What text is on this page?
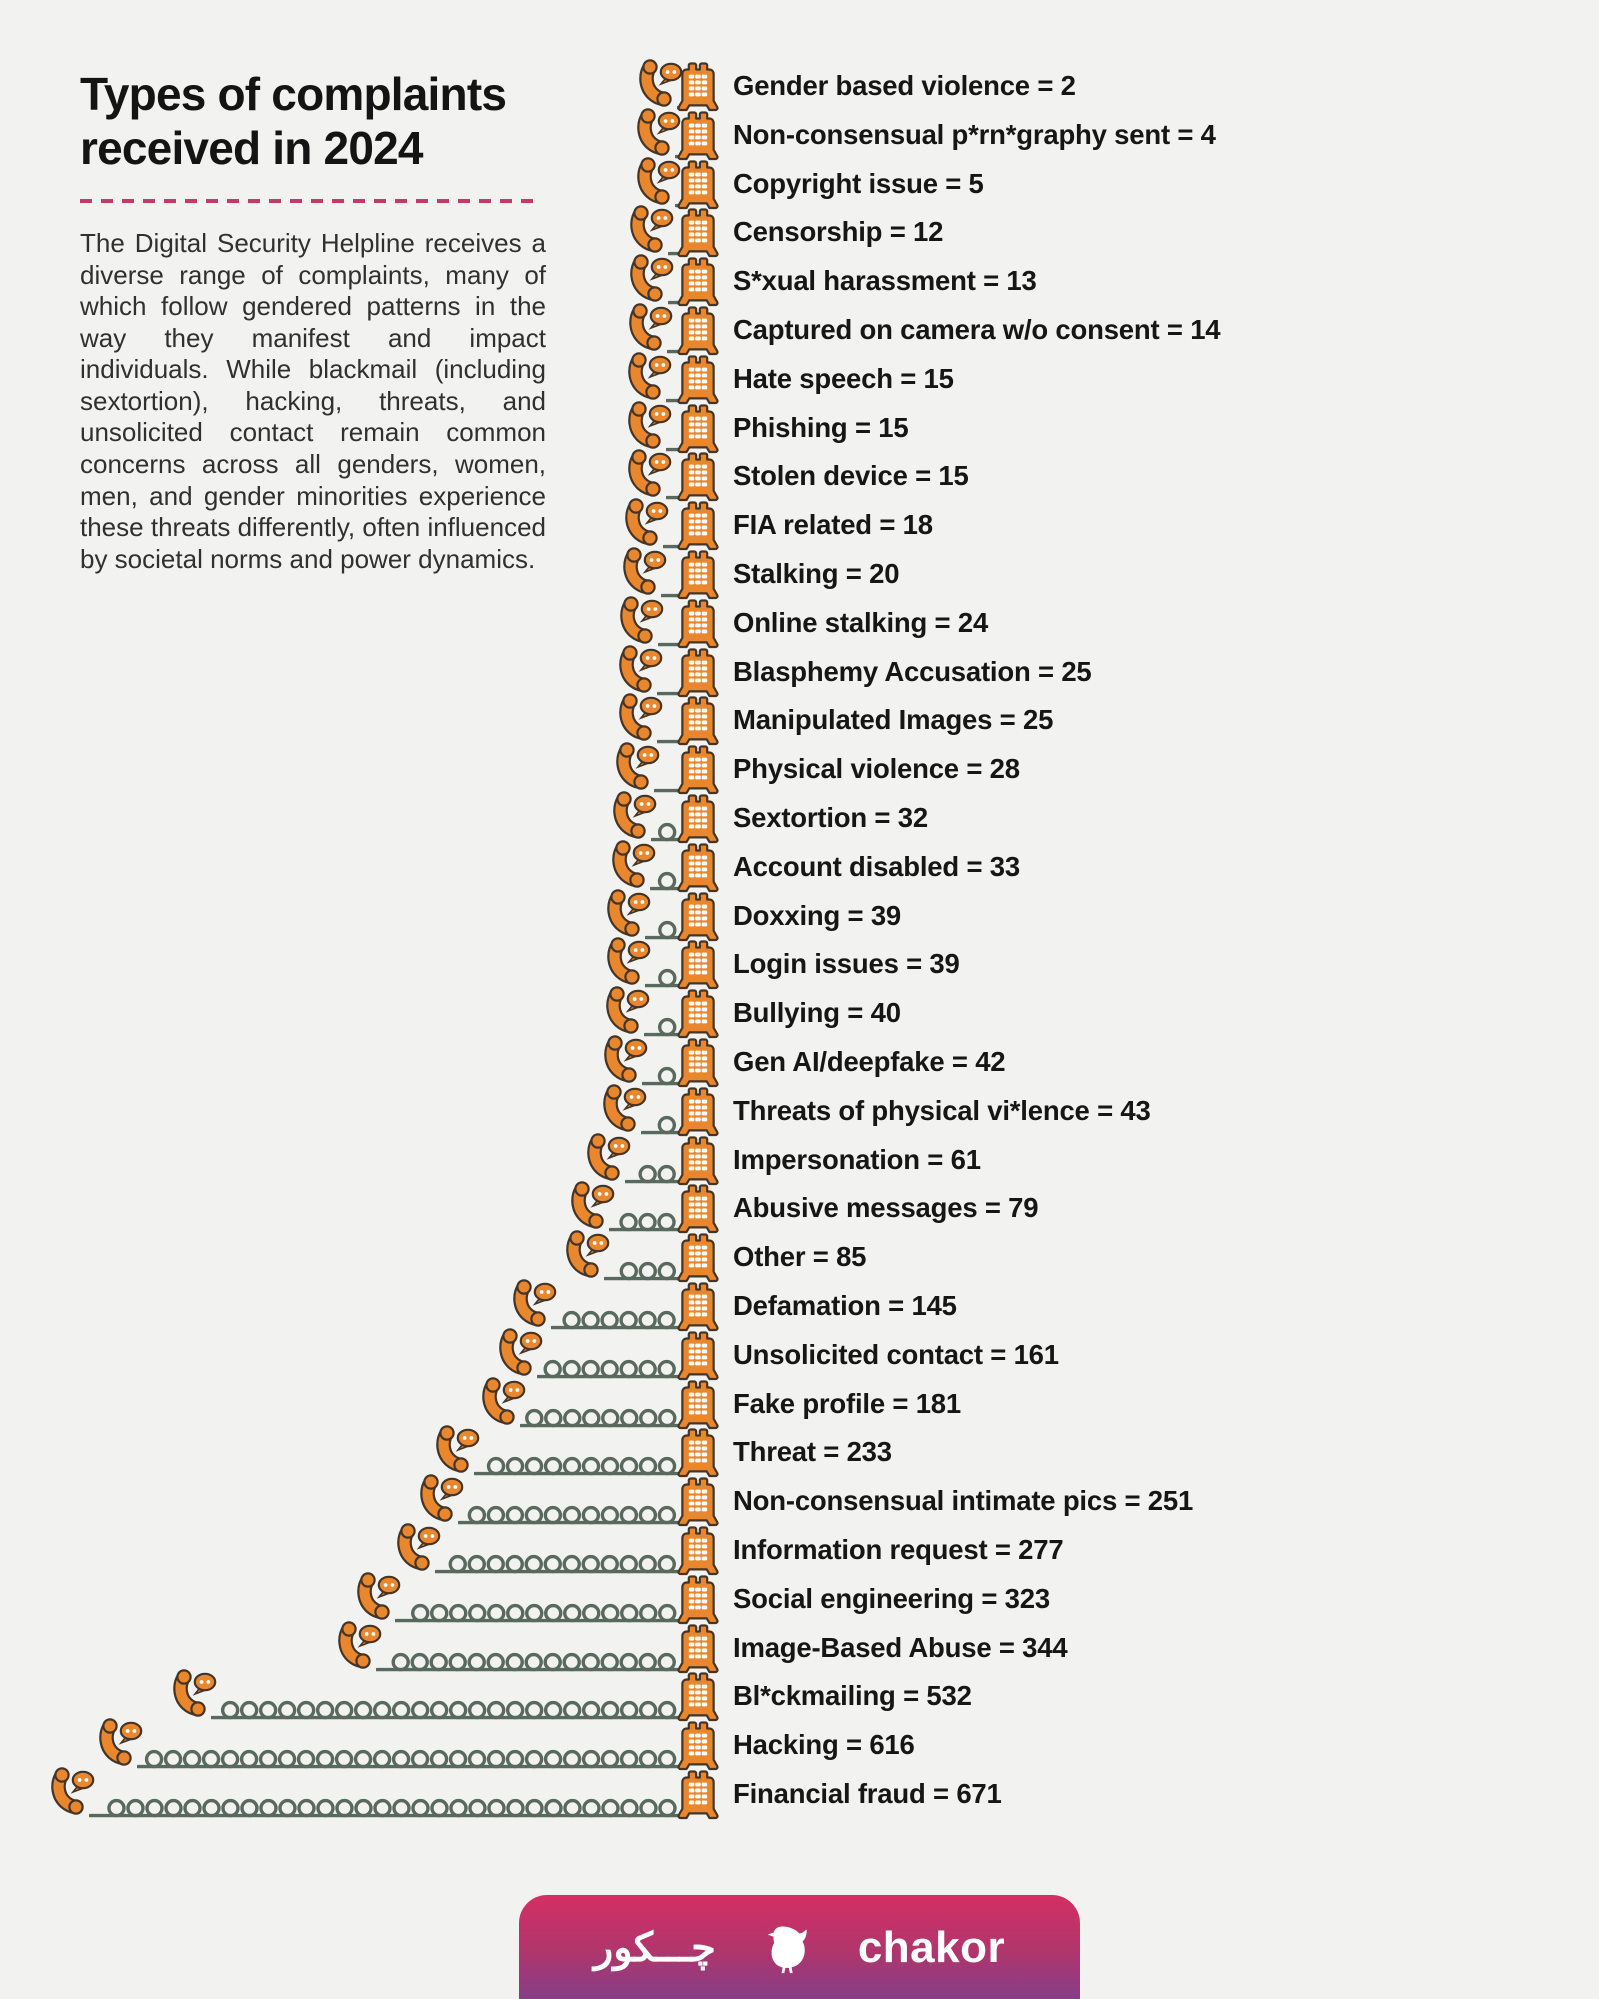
Types of complaints
received in 2024
The Digital Security Helpline receives a diverse range of complaints, many of which follow gendered patterns in the way they manifest and impact individuals. While blackmail (including sextortion), hacking, threats, and unsolicited contact remain common concerns across all genders, women, men, and gender minorities experience these threats differently, often influenced by societal norms and power dynamics.
Gender based violence = 2
Non-consensual p*rn*graphy sent = 4
Copyright issue = 5
Censorship = 12
S*xual harassment = 13
Captured on camera w/o consent = 14
Hate speech = 15
Phishing = 15
Stolen device = 15
FIA related = 18
Stalking = 20
Online stalking = 24
Blasphemy Accusation = 25
Manipulated Images = 25
Physical violence = 28
Sextortion = 32
Account disabled = 33
Doxxing = 39
Login issues = 39
Bullying = 40
Gen AI/deepfake = 42
Threats of physical vi*lence = 43
Impersonation = 61
Abusive messages = 79
Other = 85
Defamation = 145
Unsolicited contact = 161
Fake profile = 181
Threat = 233
Non-consensual intimate pics = 251
Information request = 277
Social engineering = 323
Image-Based Abuse = 344
Bl*ckmailing = 532
Hacking = 616
Financial fraud = 671
چـــکور	chakor
